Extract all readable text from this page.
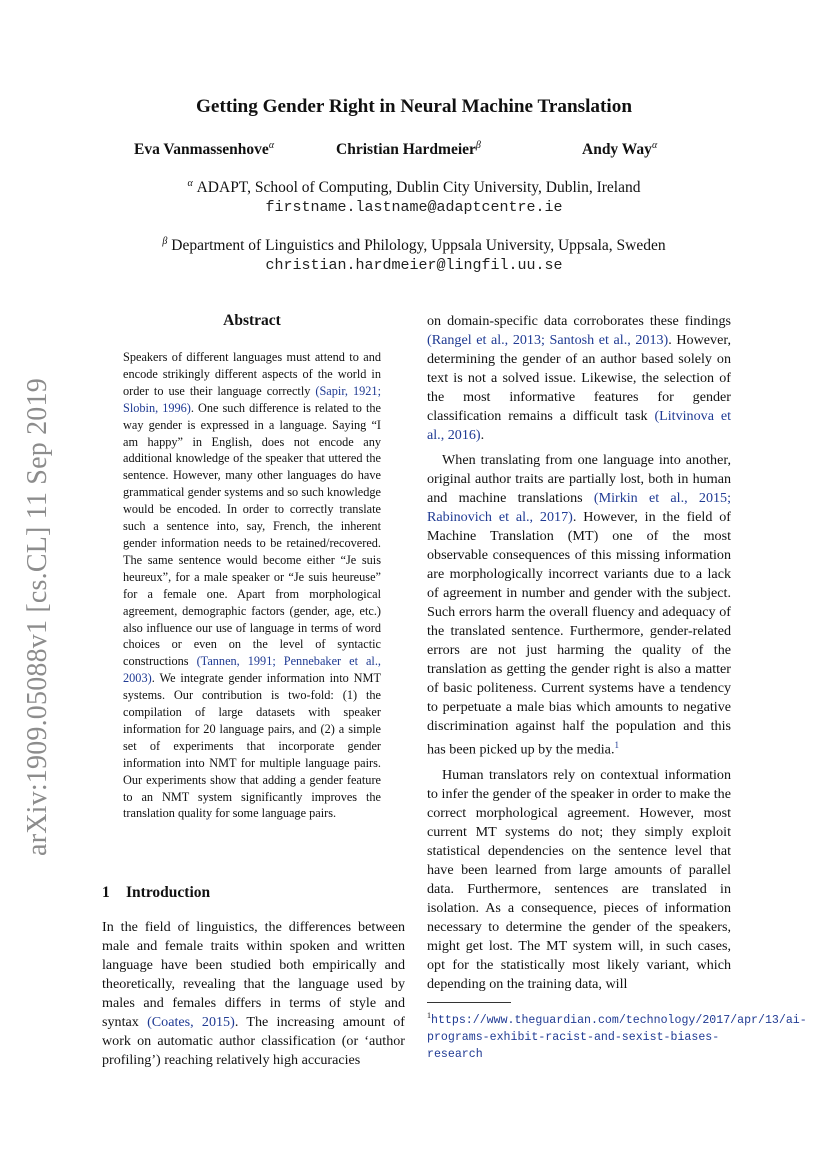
arXiv:1909.05088v1 [cs.CL] 11 Sep 2019
Getting Gender Right in Neural Machine Translation
Eva Vanmassenhove$^\alpha$	Christian Hardmeier$^\beta$	Andy Way$^\alpha$
$^\alpha$ ADAPT, School of Computing, Dublin City University, Dublin, Ireland
firstname.lastname@adaptcentre.ie
$^\beta$ Department of Linguistics and Philology, Uppsala University, Uppsala, Sweden
christian.hardmeier@lingfil.uu.se
Abstract
Speakers of different languages must attend to and encode strikingly different aspects of the world in order to use their language correctly (Sapir, 1921; Slobin, 1996). One such difference is related to the way gender is expressed in a language. Saying “I am happy” in English, does not encode any additional knowledge of the speaker that uttered the sentence. However, many other languages do have grammatical gender systems and so such knowledge would be encoded. In order to correctly translate such a sentence into, say, French, the inherent gender information needs to be retained/recovered. The same sentence would become either “Je suis heureux”, for a male speaker or “Je suis heureuse” for a female one. Apart from morphological agreement, demographic factors (gender, age, etc.) also influence our use of language in terms of word choices or even on the level of syntactic constructions (Tannen, 1991; Pennebaker et al., 2003). We integrate gender information into NMT systems. Our contribution is two-fold: (1) the compilation of large datasets with speaker information for 20 language pairs, and (2) a simple set of experiments that incorporate gender information into NMT for multiple language pairs. Our experiments show that adding a gender feature to an NMT system significantly improves the translation quality for some language pairs.
1 Introduction

In the field of linguistics, the differences between male and female traits within spoken and written language have been studied both empirically and theoretically, revealing that the language used by males and females differs in terms of style and syntax (Coates, 2015). The increasing amount of work on automatic author classification (or ‘author profiling’) reaching relatively high accuracies

on domain-specific data corroborates these findings (Rangel et al., 2013; Santosh et al., 2013). However, determining the gender of an author based solely on text is not a solved issue. Likewise, the selection of the most informative features for gender classification remains a difficult task (Litvinova et al., 2016).

When translating from one language into another, original author traits are partially lost, both in human and machine translations (Mirkin et al., 2015; Rabinovich et al., 2017). However, in the field of Machine Translation (MT) one of the most observable consequences of this missing information are morphologically incorrect variants due to a lack of agreement in number and gender with the subject. Such errors harm the overall fluency and adequacy of the translated sentence. Furthermore, gender-related errors are not just harming the quality of the translation as getting the gender right is also a matter of basic politeness. Current systems have a tendency to perpetuate a male bias which amounts to negative discrimination against half the population and this has been picked up by the media.$^1$

Human translators rely on contextual information to infer the gender of the speaker in order to make the correct morphological agreement. However, most current MT systems do not; they simply exploit statistical dependencies on the sentence level that have been learned from large amounts of parallel data. Furthermore, sentences are translated in isolation. As a consequence, pieces of information necessary to determine the gender of the speakers, might get lost. The MT system will, in such cases, opt for the statistically most likely variant, which depending on the training data, will

$^1$https://www.theguardian.com/technology/2017/apr/13/ai-programs-exhibit-racist-and-sexist-biases-research
